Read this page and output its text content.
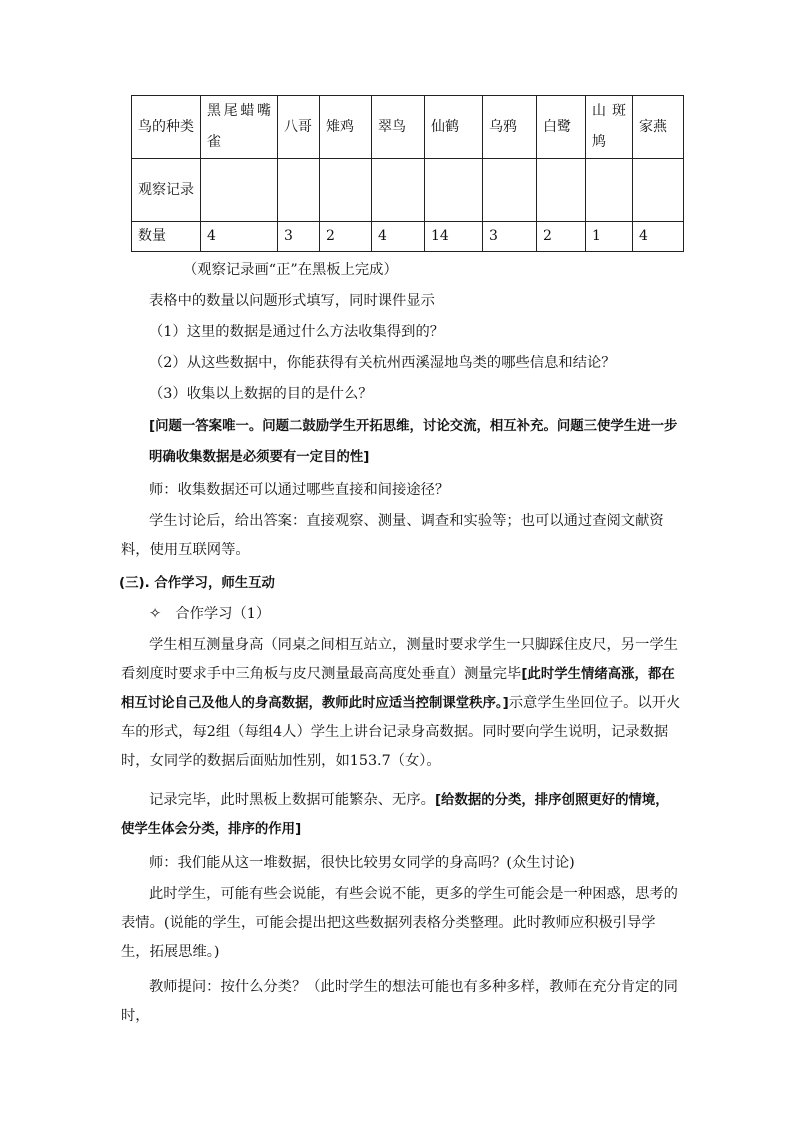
鸟的种类	黑尾蜡嘴雀	八哥	雉鸡	翠鸟	仙鹤	乌鸦	白鹭	山斑鸠	家燕
观察记录									
数量	4	3	2	4	14	3	2	1	4

（观察记录画“正”在黑板上完成）

表格中的数量以问题形式填写，同时课件显示

（1）这里的数据是通过什么方法收集得到的？

（2）从这些数据中，你能获得有关杭州西溪湿地鸟类的哪些信息和结论？

（3）收集以上数据的目的是什么？

[问题一答案唯一。问题二鼓励学生开拓思维，讨论交流，相互补充。问题三使学生进一步明确收集数据是必须要有一定目的性]

师：收集数据还可以通过哪些直接和间接途径？

学生讨论后，给出答案：直接观察、测量、调查和实验等；也可以通过查阅文献资料，使用互联网等。

(三). 合作学习，师生互动

✧　合作学习（1）

学生相互测量身高（同桌之间相互站立，测量时要求学生一只脚踩住皮尺，另一学生看刻度时要求手中三角板与皮尺测量最高高度处垂直）测量完毕[此时学生情绪高涨，都在相互讨论自己及他人的身高数据，教师此时应适当控制课堂秩序。]示意学生坐回位子。以开火车的形式，每2组（每组4人）学生上讲台记录身高数据。同时要向学生说明，记录数据时，女同学的数据后面贴加性别，如153.7（女）。

记录完毕，此时黑板上数据可能繁杂、无序。[给数据的分类，排序创照更好的情境，使学生体会分类，排序的作用]

师：我们能从这一堆数据，很快比较男女同学的身高吗？(众生讨论)

此时学生，可能有些会说能，有些会说不能，更多的学生可能会是一种困惑，思考的表情。(说能的学生，可能会提出把这些数据列表格分类整理。此时教师应积极引导学生，拓展思维。)

教师提问：按什么分类？（此时学生的想法可能也有多种多样，教师在充分肯定的同时，
